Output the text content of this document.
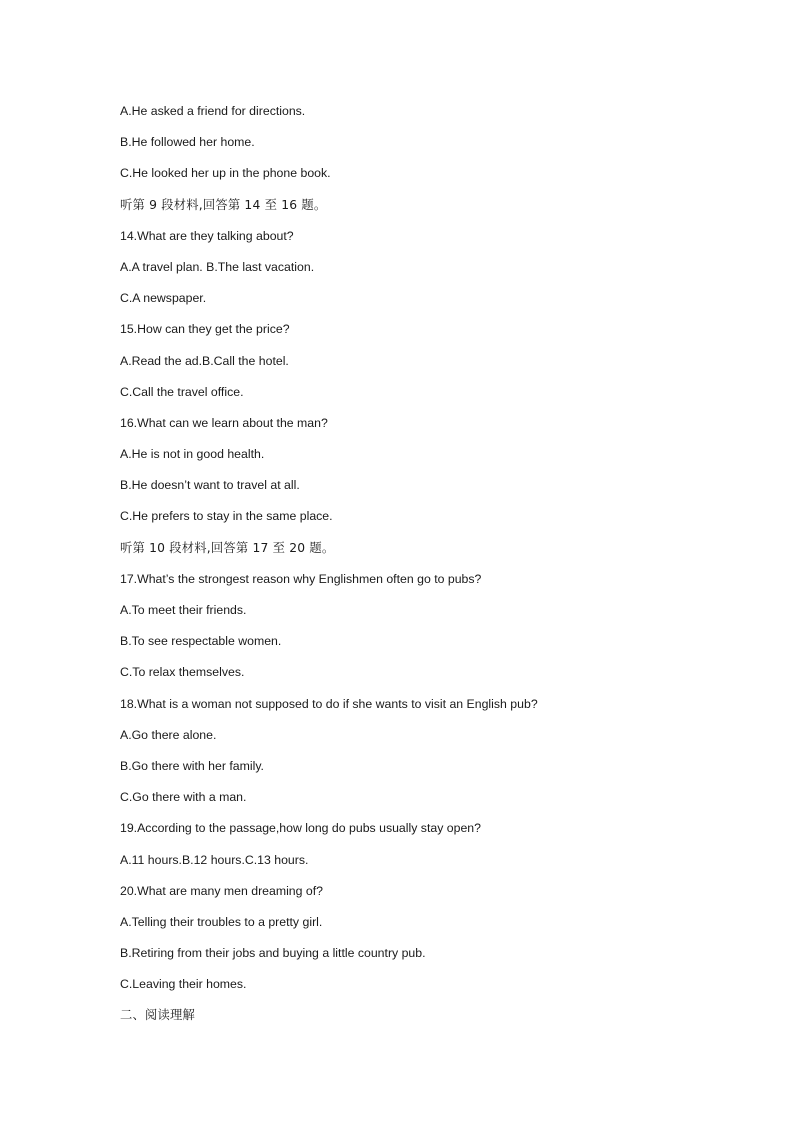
A.He asked a friend for directions.
B.He followed her home.
C.He looked her up in the phone book.
听第 9 段材料,回答第 14 至 16 题。
14.What are they talking about?
A.A travel plan. B.The last vacation.
C.A newspaper.
15.How can they get the price?
A.Read the ad.B.Call the hotel.
C.Call the travel office.
16.What can we learn about the man?
A.He is not in good health.
B.He doesn’t want to travel at all.
C.He prefers to stay in the same place.
听第 10 段材料,回答第 17 至 20 题。
17.What’s the strongest reason why Englishmen often go to pubs?
A.To meet their friends.
B.To see respectable women.
C.To relax themselves.
18.What is a woman not supposed to do if she wants to visit an English pub?
A.Go there alone.
B.Go there with her family.
C.Go there with a man.
19.According to the passage,how long do pubs usually stay open?
A.11 hours.B.12 hours.C.13 hours.
20.What are many men dreaming of?
A.Telling their troubles to a pretty girl.
B.Retiring from their jobs and buying a little country pub.
C.Leaving their homes.
二、阅读理解
